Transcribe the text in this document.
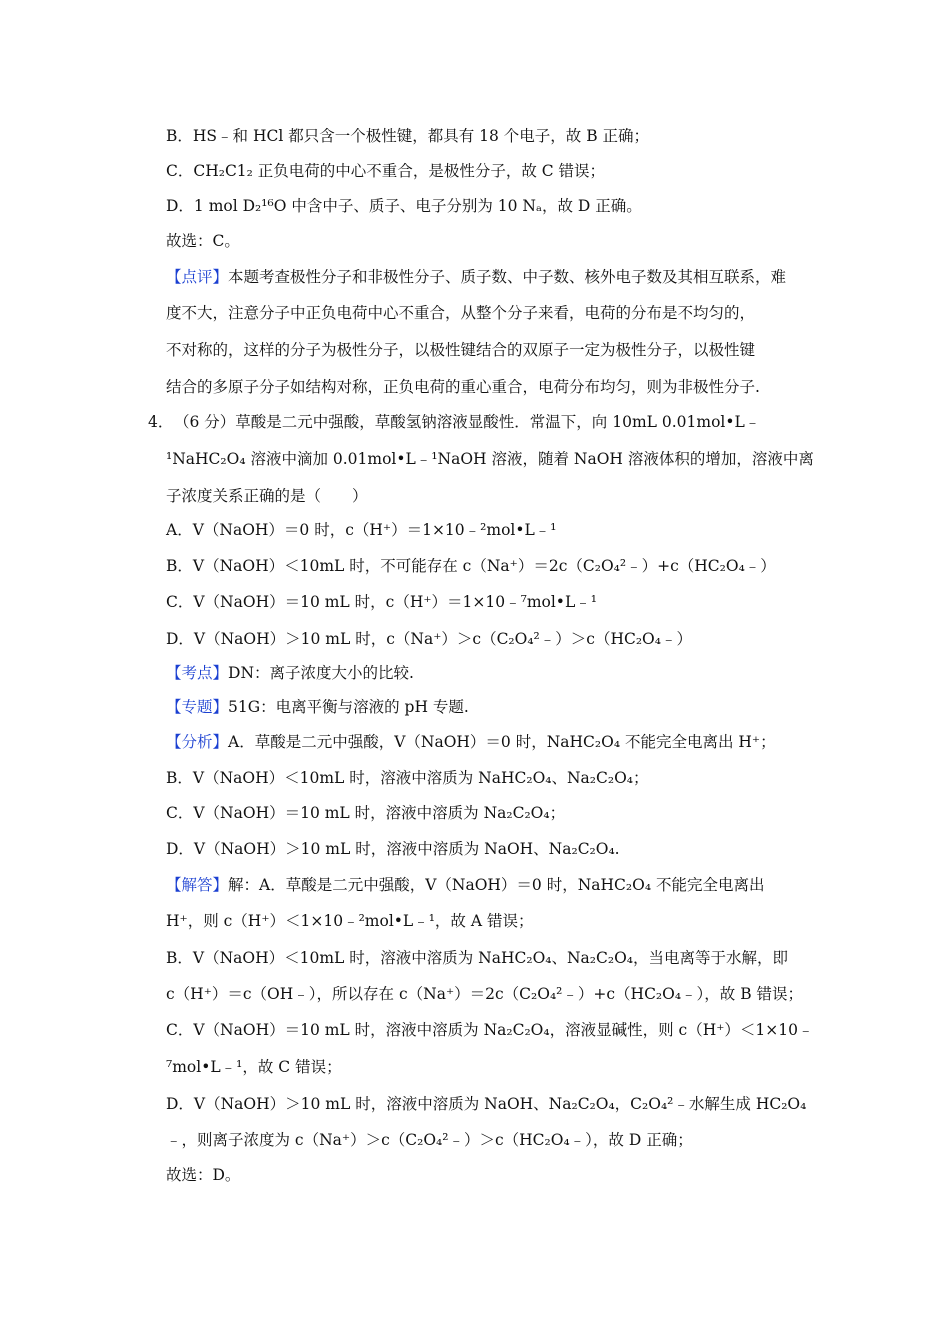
B．HS﹣和 HCl 都只含一个极性键，都具有 18 个电子，故 B 正确；
C．CH₂C1₂ 正负电荷的中心不重合，是极性分子，故 C 错误；
D．1 mol D₂¹⁶O 中含中子、质子、电子分别为 10 Nₐ，故 D 正确。
故选：C。
【点评】本题考查极性分子和非极性分子、质子数、中子数、核外电子数及其相互联系，难
度不大，注意分子中正负电荷中心不重合，从整个分子来看，电荷的分布是不均匀的，
不对称的，这样的分子为极性分子，以极性键结合的双原子一定为极性分子，以极性键
结合的多原子分子如结构对称，正负电荷的重心重合，电荷分布均匀，则为非极性分子.
4． （6 分）草酸是二元中强酸，草酸氢钠溶液显酸性．常温下，向 10mL 0.01mol•L﹣
¹NaHC₂O₄ 溶液中滴加 0.01mol•L﹣¹NaOH 溶液，随着 NaOH 溶液体积的增加，溶液中离
子浓度关系正确的是（　　）
A．V（NaOH）＝0 时，c（H⁺）＝1×10﹣²mol•L﹣¹
B．V（NaOH）＜10mL 时，不可能存在 c（Na⁺）＝2c（C₂O₄²﹣）+c（HC₂O₄﹣）
C．V（NaOH）＝10 mL 时，c（H⁺）＝1×10﹣⁷mol•L﹣¹
D．V（NaOH）＞10 mL 时，c（Na⁺）＞c（C₂O₄²﹣）＞c（HC₂O₄﹣）
【考点】DN：离子浓度大小的比较.
【专题】51G：电离平衡与溶液的 pH 专题.
【分析】A．草酸是二元中强酸，V（NaOH）＝0 时，NaHC₂O₄ 不能完全电离出 H⁺；
B．V（NaOH）＜10mL 时，溶液中溶质为 NaHC₂O₄、Na₂C₂O₄；
C．V（NaOH）＝10 mL 时，溶液中溶质为 Na₂C₂O₄；
D．V（NaOH）＞10 mL 时，溶液中溶质为 NaOH、Na₂C₂O₄.
【解答】解：A．草酸是二元中强酸，V（NaOH）＝0 时，NaHC₂O₄ 不能完全电离出
H⁺，则 c（H⁺）＜1×10﹣²mol•L﹣¹，故 A 错误；
B．V（NaOH）＜10mL 时，溶液中溶质为 NaHC₂O₄、Na₂C₂O₄，当电离等于水解，即
c（H⁺）＝c（OH﹣），所以存在 c（Na⁺）＝2c（C₂O₄²﹣）+c（HC₂O₄﹣），故 B 错误；
C．V（NaOH）＝10 mL 时，溶液中溶质为 Na₂C₂O₄，溶液显碱性，则 c（H⁺）＜1×10﹣
⁷mol•L﹣¹，故 C 错误；
D．V（NaOH）＞10 mL 时，溶液中溶质为 NaOH、Na₂C₂O₄，C₂O₄²﹣水解生成 HC₂O₄
﹣，则离子浓度为 c（Na⁺）＞c（C₂O₄²﹣）＞c（HC₂O₄﹣），故 D 正确；
故选：D。
